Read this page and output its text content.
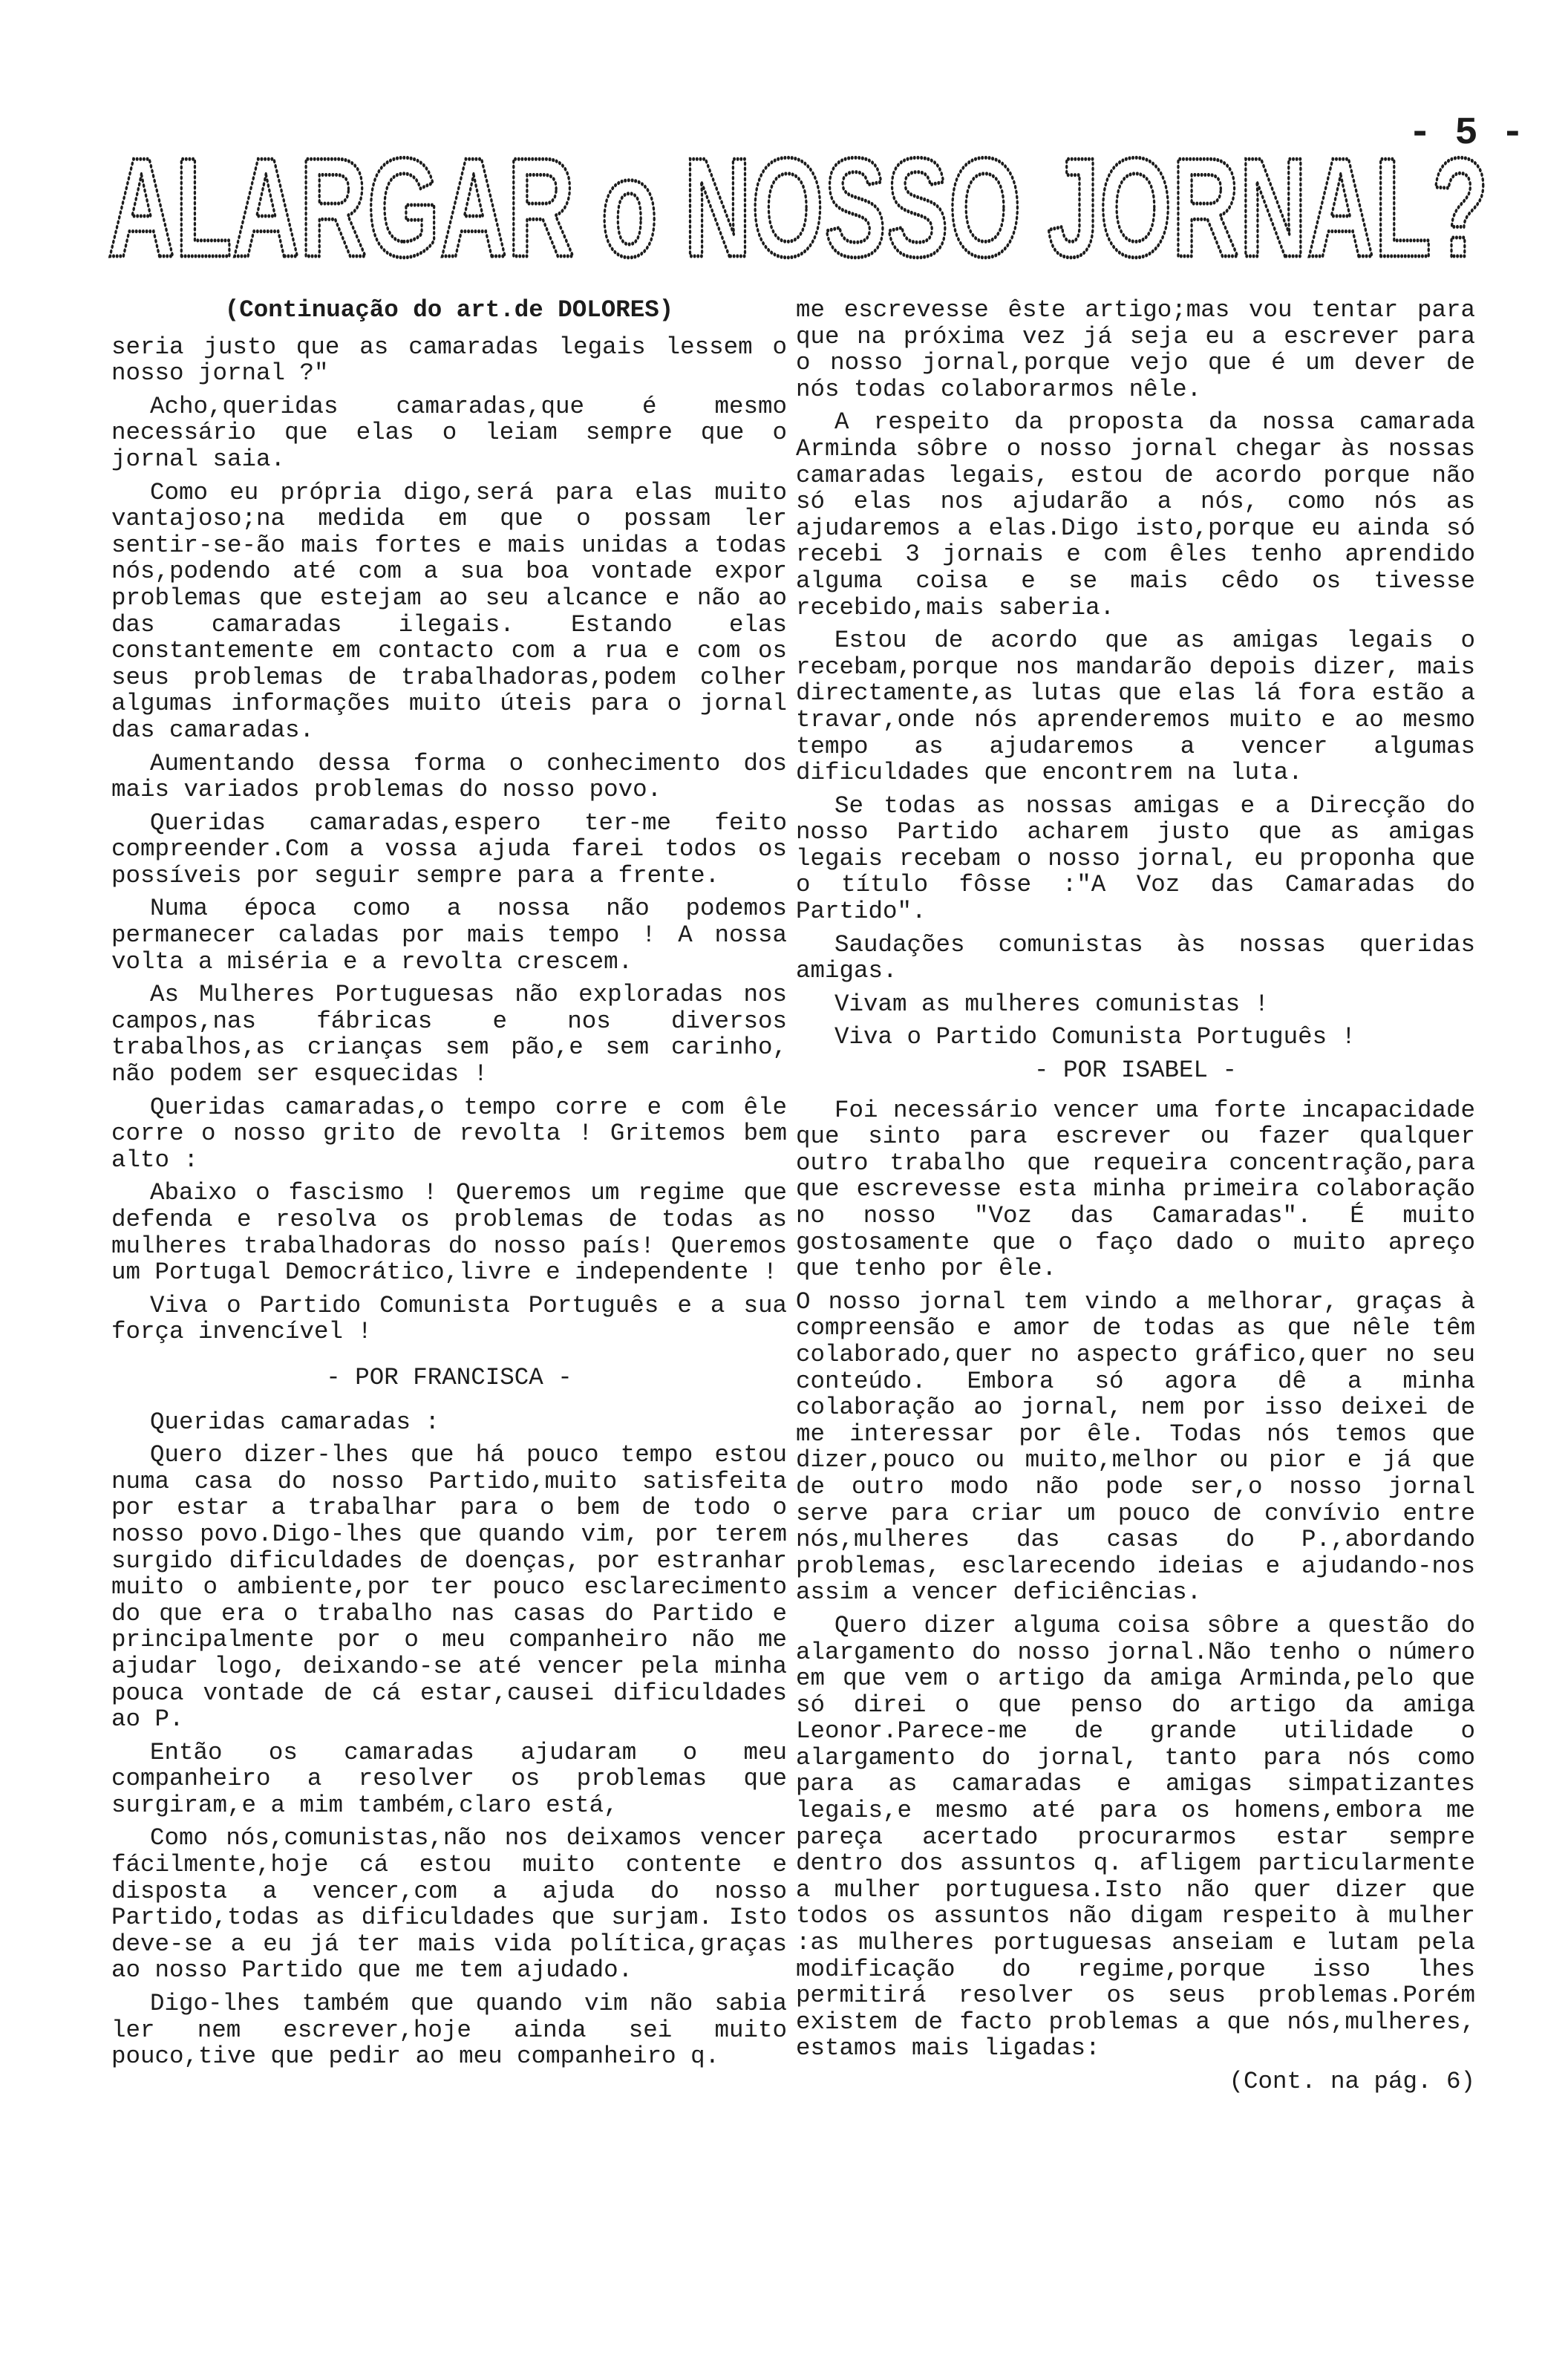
- 5 -
ALARGAR o NOSSO JORNAL?
(Continuação do art.de DOLORES)

seria justo que as camaradas legais lessem o nosso jornal ?"

Acho,queridas camaradas,que é mesmo necessário que elas o leiam sempre que o jornal saia.

Como eu própria digo,será para elas muito vantajoso;na medida em que o possam ler sentir-se-ão mais fortes e mais unidas a todas nós,podendo até com a sua boa vontade expor problemas que estejam ao seu alcance e não ao das camaradas ilegais. Estando elas constantemente em contacto com a rua e com os seus problemas de trabalhadoras,podem colher algumas informações muito úteis para o jornal das camaradas.

Aumentando dessa forma o conhecimento dos mais variados problemas do nosso povo.

Queridas camaradas,espero ter-me feito compreender.Com a vossa ajuda farei todos os possíveis por seguir sempre para a frente.

Numa época como a nossa não podemos permanecer caladas por mais tempo ! A nossa volta a miséria e a revolta crescem.

As Mulheres Portuguesas não exploradas nos campos,nas fábricas e nos diversos trabalhos,as crianças sem pão,e sem carinho, não podem ser esquecidas !

Queridas camaradas,o tempo corre e com êle corre o nosso grito de revolta ! Gritemos bem alto :

Abaixo o fascismo ! Queremos um regime que defenda e resolva os problemas de todas as mulheres trabalhadoras do nosso país! Queremos um Portugal Democrático,livre e independente !

Viva o Partido Comunista Português e a sua força invencível !

- POR FRANCISCA -

Queridas camaradas :

Quero dizer-lhes que há pouco tempo estou numa casa do nosso Partido,muito satisfeita por estar a trabalhar para o bem de todo o nosso povo.Digo-lhes que quando vim, por terem surgido dificuldades de doenças, por estranhar muito o ambiente,por ter pouco esclarecimento do que era o trabalho nas casas do Partido e principalmente por o meu companheiro não me ajudar logo, deixando-se até vencer pela minha pouca vontade de cá estar,causei dificuldades ao P.

Então os camaradas ajudaram o meu companheiro a resolver os problemas que surgiram,e a mim também,claro está,

Como nós,comunistas,não nos deixamos vencer fácilmente,hoje cá estou muito contente e disposta a vencer,com a ajuda do nosso Partido,todas as dificuldades que surjam. Isto deve-se a eu já ter mais vida política,graças ao nosso Partido que me tem ajudado.

Digo-lhes também que quando vim não sabia ler nem escrever,hoje ainda sei muito pouco,tive que pedir ao meu companheiro q.

me escrevesse êste artigo;mas vou tentar para que na próxima vez já seja eu a escrever para o nosso jornal,porque vejo que é um dever de nós todas colaborarmos nêle.

A respeito da proposta da nossa camarada Arminda sôbre o nosso jornal chegar às nossas camaradas legais, estou de acordo porque não só elas nos ajudarão a nós, como nós as ajudaremos a elas.Digo isto,porque eu ainda só recebi 3 jornais e com êles tenho aprendido alguma coisa e se mais cêdo os tivesse recebido,mais saberia.

Estou de acordo que as amigas legais o recebam,porque nos mandarão depois dizer, mais directamente,as lutas que elas lá fora estão a travar,onde nós aprenderemos muito e ao mesmo tempo as ajudaremos a vencer algumas dificuldades que encontrem na luta.

Se todas as nossas amigas e a Direcção do nosso Partido acharem justo que as amigas legais recebam o nosso jornal, eu proponha que o título fôsse :"A Voz das Camaradas do Partido".

Saudações comunistas às nossas queridas amigas.

Vivam as mulheres comunistas !

Viva o Partido Comunista Português !

- POR ISABEL -

Foi necessário vencer uma forte incapacidade que sinto para escrever ou fazer qualquer outro trabalho que requeira concentração,para que escrevesse esta minha primeira colaboração no nosso "Voz das Camaradas". É muito gostosamente que o faço dado o muito apreço que tenho por êle.

O nosso jornal tem vindo a melhorar, graças à compreensão e amor de todas as que nêle têm colaborado,quer no aspecto gráfico,quer no seu conteúdo. Embora só agora dê a minha colaboração ao jornal, nem por isso deixei de me interessar por êle. Todas nós temos que dizer,pouco ou muito,melhor ou pior e já que de outro modo não pode ser,o nosso jornal serve para criar um pouco de convívio entre nós,mulheres das casas do P.,abordando problemas, esclarecendo ideias e ajudando-nos assim a vencer deficiências.

Quero dizer alguma coisa sôbre a questão do alargamento do nosso jornal.Não tenho o número em que vem o artigo da amiga Arminda,pelo que só direi o que penso do artigo da amiga Leonor.Parece-me de grande utilidade o alargamento do jornal, tanto para nós como para as camaradas e amigas simpatizantes legais,e mesmo até para os homens,embora me pareça acertado procurarmos estar sempre dentro dos assuntos q. afligem particularmente a mulher portuguesa.Isto não quer dizer que todos os assuntos não digam respeito à mulher :as mulheres portuguesas anseiam e lutam pela modificação do regime,porque isso lhes permitirá resolver os seus problemas.Porém existem de facto problemas a que nós,mulheres, estamos mais ligadas:

(Cont. na pág. 6)
